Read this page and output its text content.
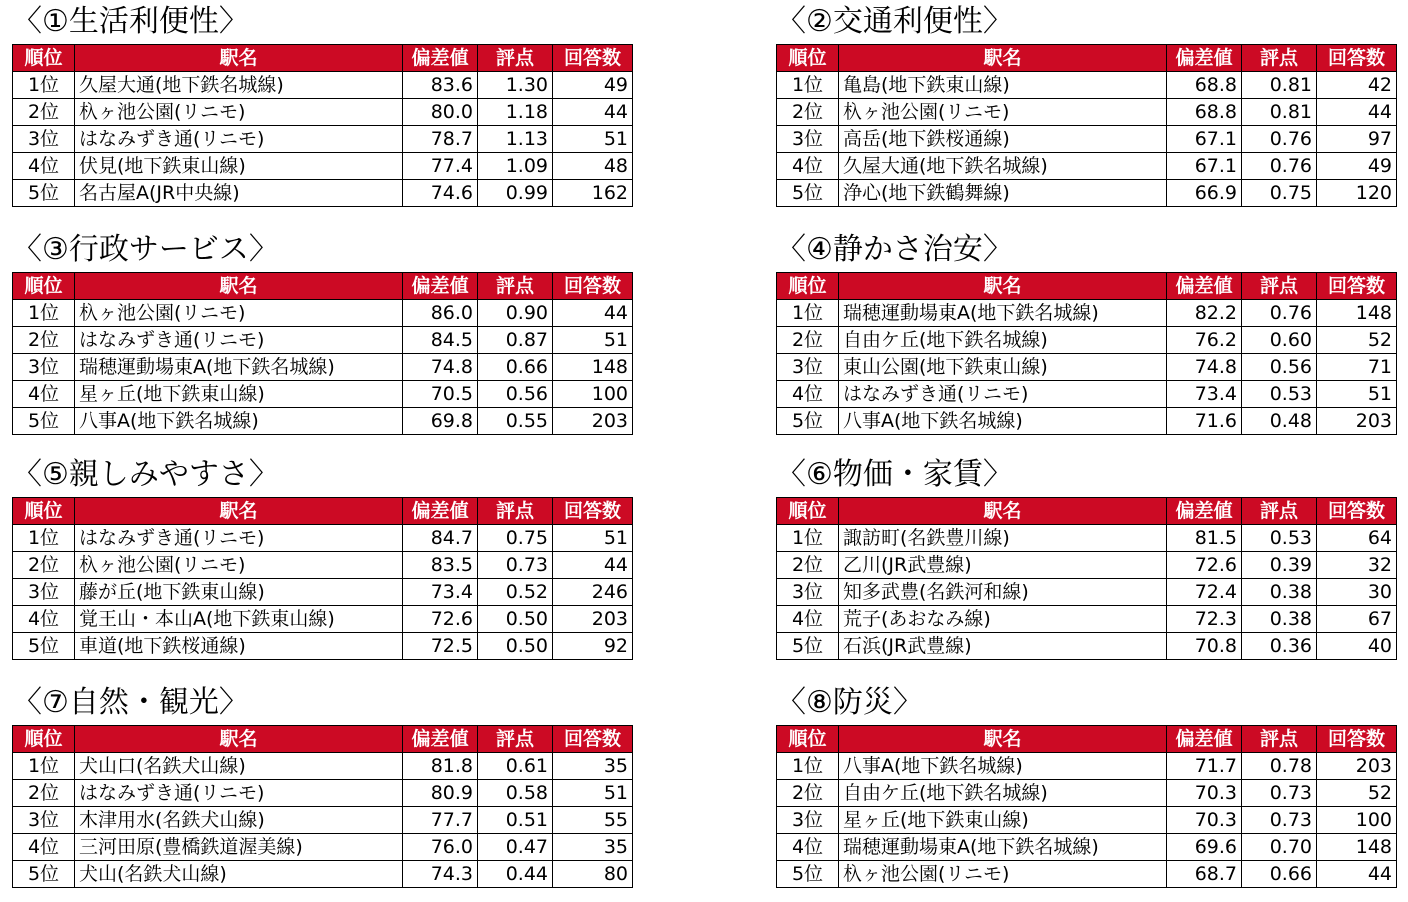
〈①生活利便性〉
順位	駅名	偏差値	評点	回答数
1位	久屋大通(地下鉄名城線)	83.6	1.30	49
2位	杁ヶ池公園(リニモ)	80.0	1.18	44
3位	はなみずき通(リニモ)	78.7	1.13	51
4位	伏見(地下鉄東山線)	77.4	1.09	48
5位	名古屋A(JR中央線)	74.6	0.99	162
〈②交通利便性〉
順位	駅名	偏差値	評点	回答数
1位	亀島(地下鉄東山線)	68.8	0.81	42
2位	杁ヶ池公園(リニモ)	68.8	0.81	44
3位	高岳(地下鉄桜通線)	67.1	0.76	97
4位	久屋大通(地下鉄名城線)	67.1	0.76	49
5位	浄心(地下鉄鶴舞線)	66.9	0.75	120
〈③行政サービス〉
順位	駅名	偏差値	評点	回答数
1位	杁ヶ池公園(リニモ)	86.0	0.90	44
2位	はなみずき通(リニモ)	84.5	0.87	51
3位	瑞穂運動場東A(地下鉄名城線)	74.8	0.66	148
4位	星ヶ丘(地下鉄東山線)	70.5	0.56	100
5位	八事A(地下鉄名城線)	69.8	0.55	203
〈④静かさ治安〉
順位	駅名	偏差値	評点	回答数
1位	瑞穂運動場東A(地下鉄名城線)	82.2	0.76	148
2位	自由ケ丘(地下鉄名城線)	76.2	0.60	52
3位	東山公園(地下鉄東山線)	74.8	0.56	71
4位	はなみずき通(リニモ)	73.4	0.53	51
5位	八事A(地下鉄名城線)	71.6	0.48	203
〈⑤親しみやすさ〉
順位	駅名	偏差値	評点	回答数
1位	はなみずき通(リニモ)	84.7	0.75	51
2位	杁ヶ池公園(リニモ)	83.5	0.73	44
3位	藤が丘(地下鉄東山線)	73.4	0.52	246
4位	覚王山・本山A(地下鉄東山線)	72.6	0.50	203
5位	車道(地下鉄桜通線)	72.5	0.50	92
〈⑥物価・家賃〉
順位	駅名	偏差値	評点	回答数
1位	諏訪町(名鉄豊川線)	81.5	0.53	64
2位	乙川(JR武豊線)	72.6	0.39	32
3位	知多武豊(名鉄河和線)	72.4	0.38	30
4位	荒子(あおなみ線)	72.3	0.38	67
5位	石浜(JR武豊線)	70.8	0.36	40
〈⑦自然・観光〉
順位	駅名	偏差値	評点	回答数
1位	犬山口(名鉄犬山線)	81.8	0.61	35
2位	はなみずき通(リニモ)	80.9	0.58	51
3位	木津用水(名鉄犬山線)	77.7	0.51	55
4位	三河田原(豊橋鉄道渥美線)	76.0	0.47	35
5位	犬山(名鉄犬山線)	74.3	0.44	80
〈⑧防災〉
順位	駅名	偏差値	評点	回答数
1位	八事A(地下鉄名城線)	71.7	0.78	203
2位	自由ケ丘(地下鉄名城線)	70.3	0.73	52
3位	星ヶ丘(地下鉄東山線)	70.3	0.73	100
4位	瑞穂運動場東A(地下鉄名城線)	69.6	0.70	148
5位	杁ヶ池公園(リニモ)	68.7	0.66	44
